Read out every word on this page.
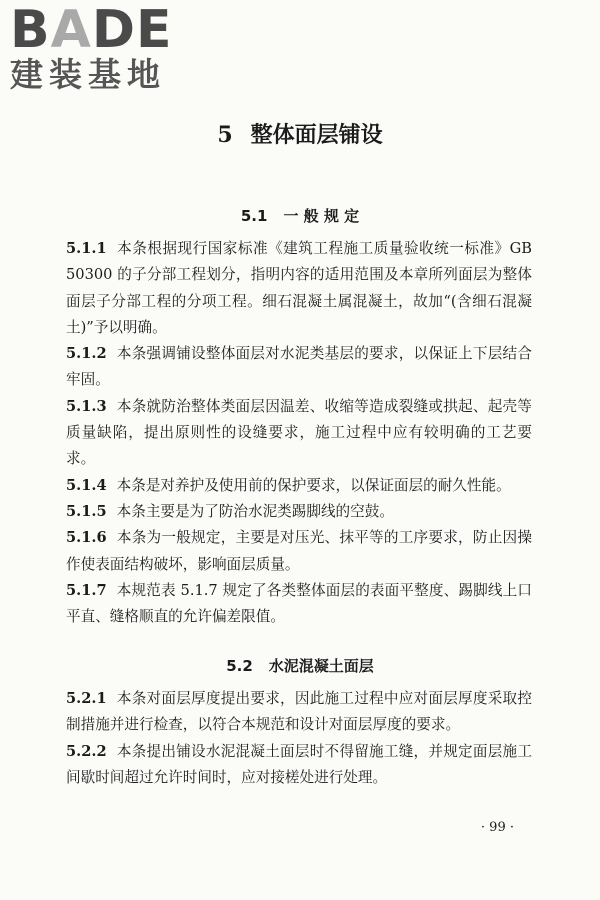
BADE
建装基地
5 整体面层铺设
5.1 一 般 规 定

5.1.1 本条根据现行国家标准《建筑工程施工质量验收统一标准》GB 50300 的子分部工程划分，指明内容的适用范围及本章所列面层为整体面层子分部工程的分项工程。细石混凝土属混凝土，故加“(含细石混凝土)”予以明确。

5.1.2 本条强调铺设整体面层对水泥类基层的要求，以保证上下层结合牢固。

5.1.3 本条就防治整体类面层因温差、收缩等造成裂缝或拱起、起壳等质量缺陷，提出原则性的设缝要求，施工过程中应有较明确的工艺要求。

5.1.4 本条是对养护及使用前的保护要求，以保证面层的耐久性能。

5.1.5 本条主要是为了防治水泥类踢脚线的空鼓。

5.1.6 本条为一般规定，主要是对压光、抹平等的工序要求，防止因操作使表面结构破坏，影响面层质量。

5.1.7 本规范表 5.1.7 规定了各类整体面层的表面平整度、踢脚线上口平直、缝格顺直的允许偏差限值。

5.2 水泥混凝土面层

5.2.1 本条对面层厚度提出要求，因此施工过程中应对面层厚度采取控制措施并进行检查，以符合本规范和设计对面层厚度的要求。

5.2.2 本条提出铺设水泥混凝土面层时不得留施工缝，并规定面层施工间歇时间超过允许时间时，应对接槎处进行处理。

· 99 ·
